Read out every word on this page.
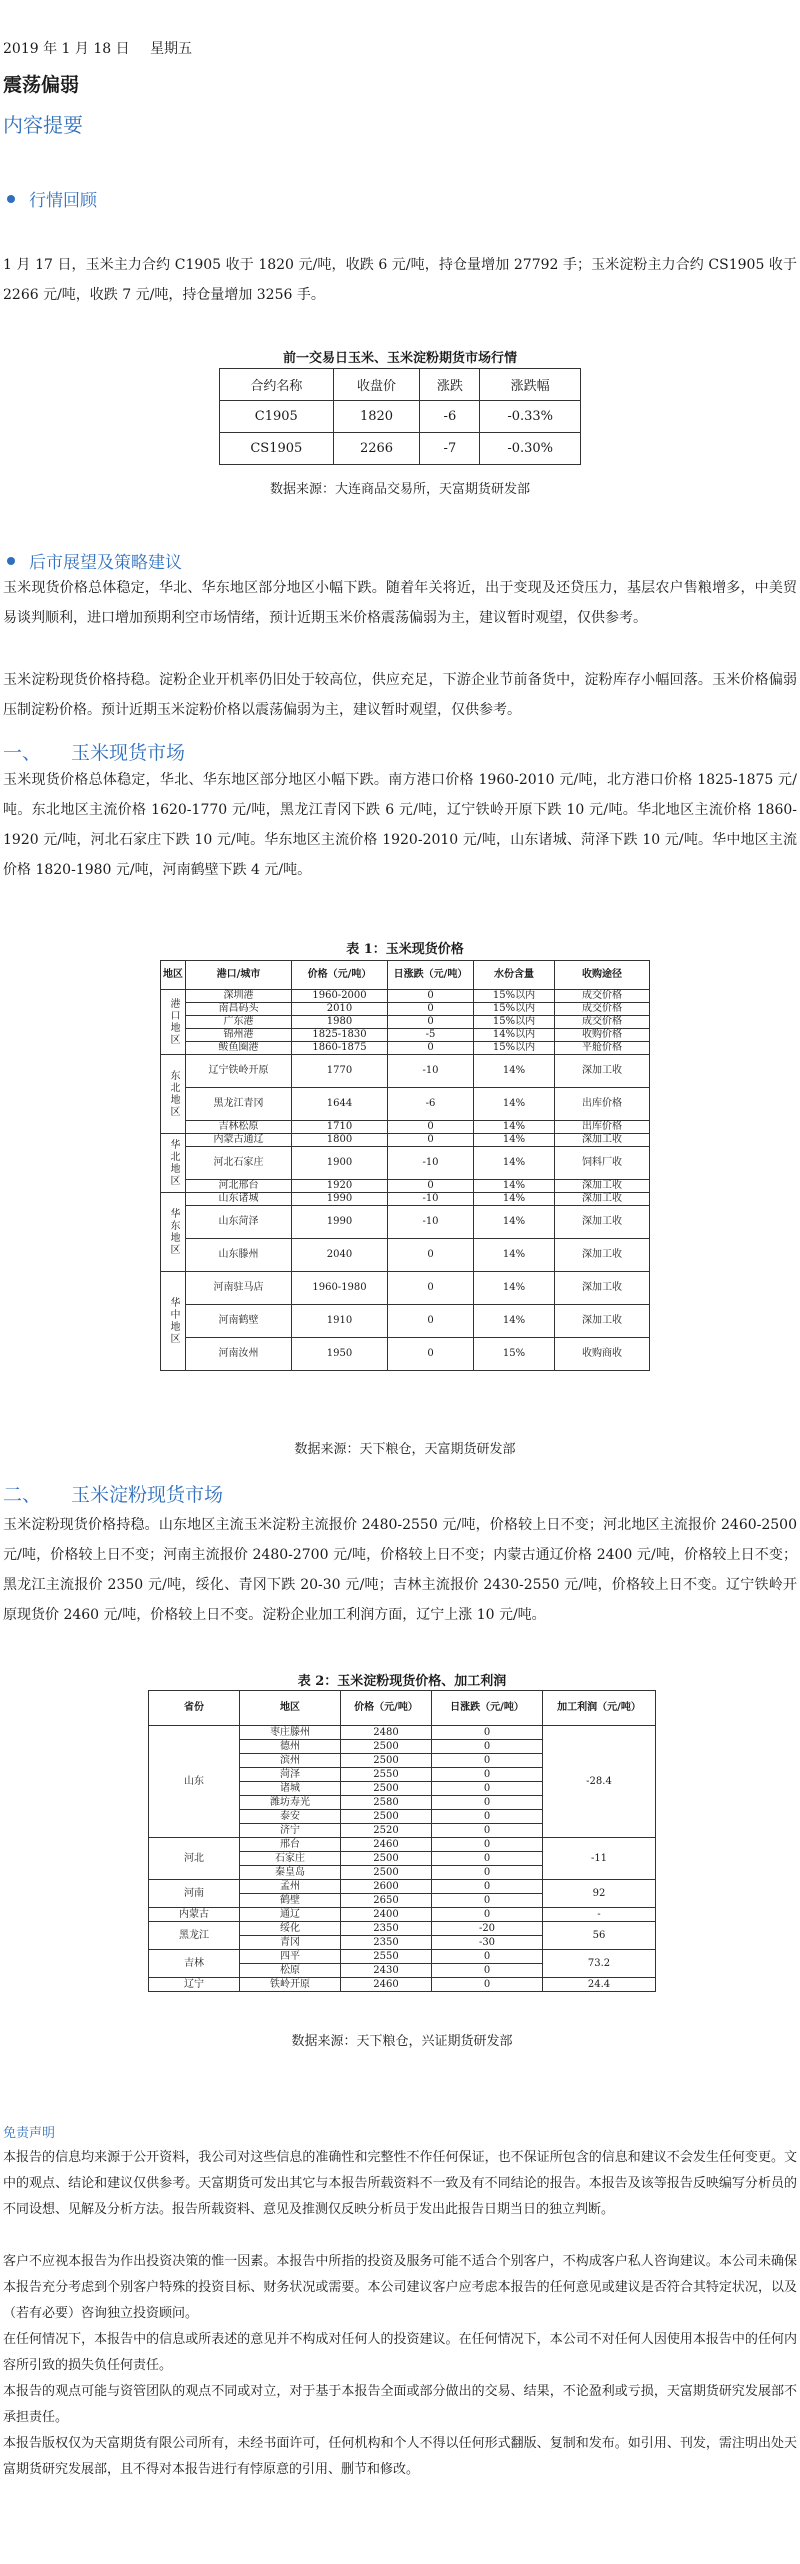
2019 年 1 月 18 日 星期五
震荡偏弱
内容提要
行情回顾

1 月 17 日，玉米主力合约 C1905 收于 1820 元/吨，收跌 6 元/吨，持仓量增加 27792 手；玉米淀粉主力合约 CS1905 收于 2266 元/吨，收跌 7 元/吨，持仓量增加 3256 手。

前一交易日玉米、玉米淀粉期货市场行情
合约名称	收盘价	涨跌	涨跌幅
C1905	1820	-6	-0.33%
CS1905	2266	-7	-0.30%
数据来源：大连商品交易所，天富期货研发部
后市展望及策略建议

玉米现货价格总体稳定，华北、华东地区部分地区小幅下跌。随着年关将近，出于变现及还贷压力，基层农户售粮增多，中美贸易谈判顺利，进口增加预期利空市场情绪，预计近期玉米价格震荡偏弱为主，建议暂时观望，仅供参考。

玉米淀粉现货价格持稳。淀粉企业开机率仍旧处于较高位，供应充足，下游企业节前备货中，淀粉库存小幅回落。玉米价格偏弱压制淀粉价格。预计近期玉米淀粉价格以震荡偏弱为主，建议暂时观望，仅供参考。

一、 玉米现货市场

玉米现货价格总体稳定，华北、华东地区部分地区小幅下跌。南方港口价格 1960-2010 元/吨，北方港口价格 1825-1875 元/吨。东北地区主流价格 1620-1770 元/吨，黑龙江青冈下跌 6 元/吨，辽宁铁岭开原下跌 10 元/吨。华北地区主流价格 1860-1920 元/吨，河北石家庄下跌 10 元/吨。华东地区主流价格 1920-2010 元/吨，山东诸城、菏泽下跌 10 元/吨。华中地区主流价格 1820-1980 元/吨，河南鹤壁下跌 4 元/吨。

表 1：玉米现货价格
地区	港口/城市	价格（元/吨）	日涨跌（元/吨）	水份含量	收购途径
港口地区	深圳港	1960-2000	0	15%以内	成交价格
	南昌码头	2010	0	15%以内	成交价格
	广东港	1980	0	15%以内	成交价格
	锦州港	1825-1830	-5	14%以内	收购价格
	鲅鱼圈港	1860-1875	0	15%以内	平舱价格
东北地区	辽宁铁岭开原	1770	-10	14%	深加工收
	黑龙江青冈	1644	-6	14%	出库价格
	吉林松原	1710	0	14%	出库价格
华北地区	内蒙古通辽	1800	0	14%	深加工收
	河北石家庄	1900	-10	14%	饲料厂收
	河北邢台	1920	0	14%	深加工收
华东地区	山东诸城	1990	-10	14%	深加工收
	山东菏泽	1990	-10	14%	深加工收
	山东滕州	2040	0	14%	深加工收
华中地区	河南驻马店	1960-1980	0	14%	深加工收
	河南鹤壁	1910	0	14%	深加工收
	河南汝州	1950	0	15%	收购商收
数据来源：天下粮仓，天富期货研发部
二、 玉米淀粉现货市场

玉米淀粉现货价格持稳。山东地区主流玉米淀粉主流报价 2480-2550 元/吨，价格较上日不变；河北地区主流报价 2460-2500 元/吨，价格较上日不变；河南主流报价 2480-2700 元/吨，价格较上日不变；内蒙古通辽价格 2400 元/吨，价格较上日不变；黑龙江主流报价 2350 元/吨，绥化、青冈下跌 20-30 元/吨；吉林主流报价 2430-2550 元/吨，价格较上日不变。辽宁铁岭开原现货价 2460 元/吨，价格较上日不变。淀粉企业加工利润方面，辽宁上涨 10 元/吨。

表 2：玉米淀粉现货价格、加工利润
省份	地区	价格（元/吨）	日涨跌（元/吨）	加工利润（元/吨）
山东	枣庄滕州	2480	0	-28.4
	德州	2500	0	
	滨州	2500	0	
	菏泽	2550	0	
	诸城	2500	0	
	潍坊寿光	2580	0	
	泰安	2500	0	
	济宁	2520	0	
河北	邢台	2460	0	-11
	石家庄	2500	0	
	秦皇岛	2500	0	
河南	孟州	2600	0	92
	鹤壁	2650	0	
内蒙古	通辽	2400	0	-
黑龙江	绥化	2350	-20	56
	青冈	2350	-30	
吉林	四平	2550	0	73.2
	松原	2430	0	
辽宁	铁岭开原	2460	0	24.4
数据来源：天下粮仓，兴证期货研发部
免责声明

本报告的信息均来源于公开资料，我公司对这些信息的准确性和完整性不作任何保证，也不保证所包含的信息和建议不会发生任何变更。文中的观点、结论和建议仅供参考。天富期货可发出其它与本报告所载资料不一致及有不同结论的报告。本报告及该等报告反映编写分析员的不同设想、见解及分析方法。报告所载资料、意见及推测仅反映分析员于发出此报告日期当日的独立判断。

客户不应视本报告为作出投资决策的惟一因素。本报告中所指的投资及服务可能不适合个别客户，不构成客户私人咨询建议。本公司未确保本报告充分考虑到个别客户特殊的投资目标、财务状况或需要。本公司建议客户应考虑本报告的任何意见或建议是否符合其特定状况，以及（若有必要）咨询独立投资顾问。

在任何情况下，本报告中的信息或所表述的意见并不构成对任何人的投资建议。在任何情况下，本公司不对任何人因使用本报告中的任何内容所引致的损失负任何责任。

本报告的观点可能与资管团队的观点不同或对立，对于基于本报告全面或部分做出的交易、结果，不论盈利或亏损，天富期货研究发展部不承担责任。

本报告版权仅为天富期货有限公司所有，未经书面许可，任何机构和个人不得以任何形式翻版、复制和发布。如引用、刊发，需注明出处天富期货研究发展部，且不得对本报告进行有悖原意的引用、删节和修改。
